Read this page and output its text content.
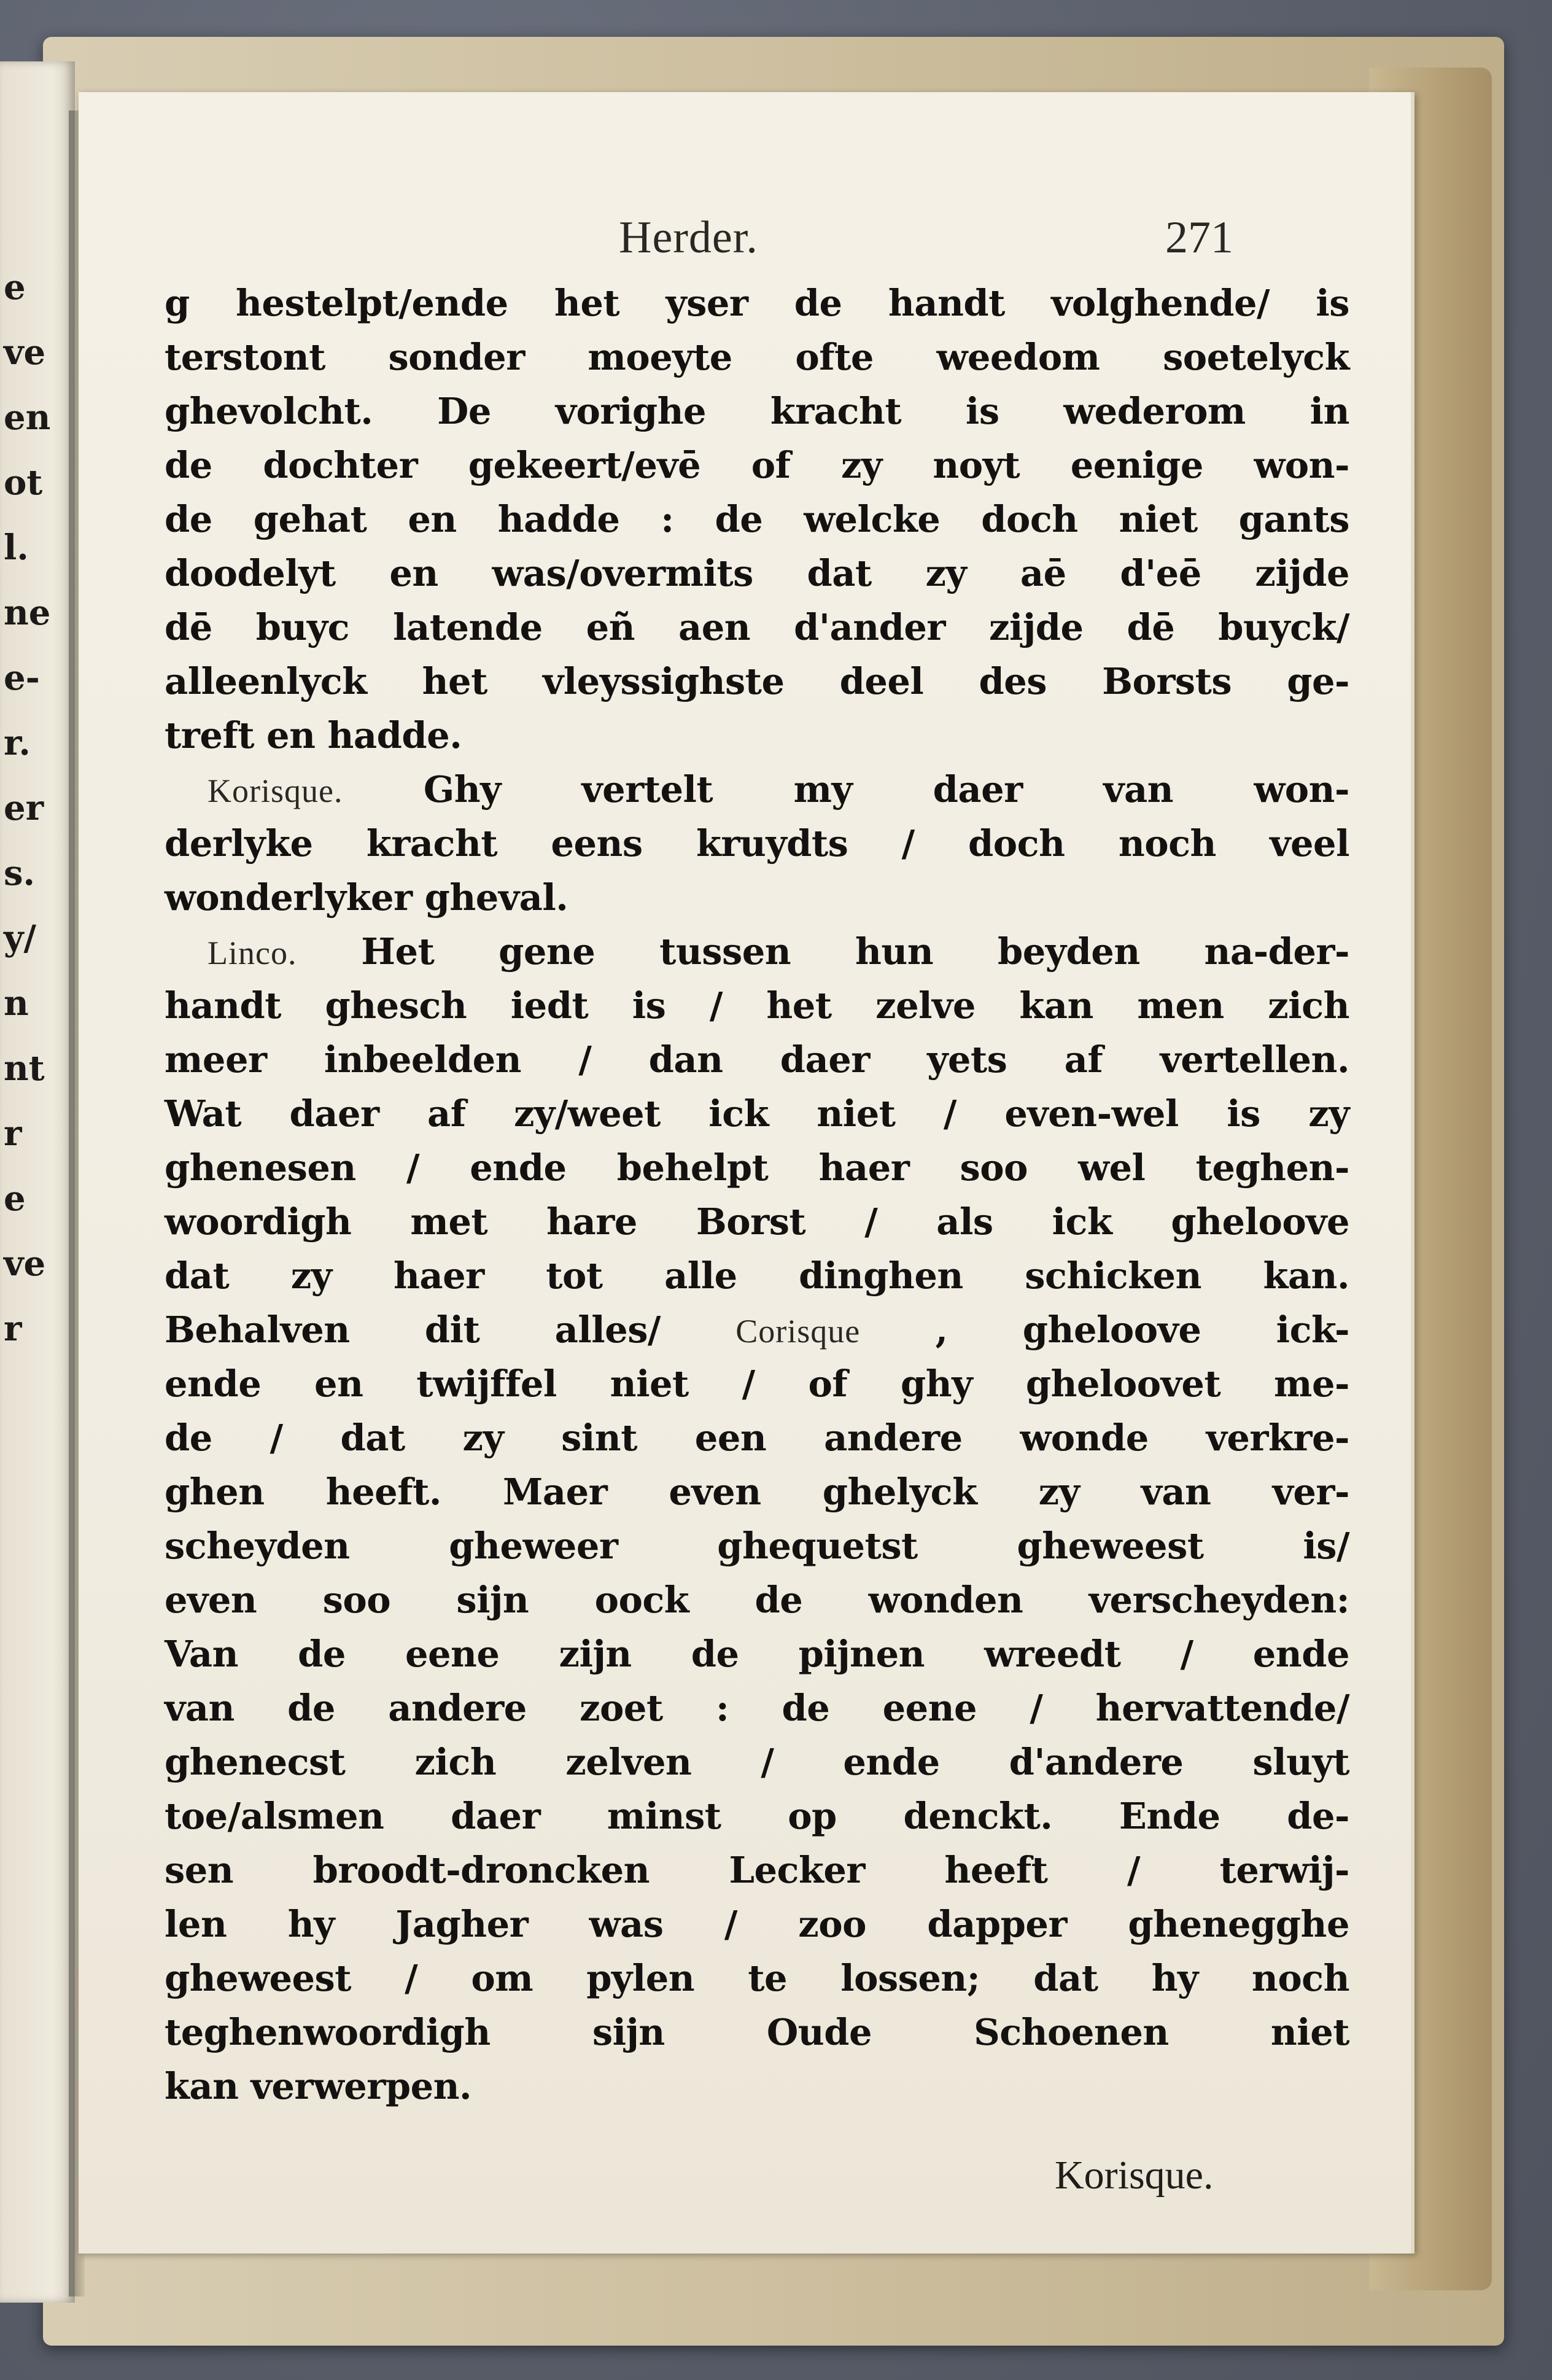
e
ve
en
ot
l.
ne
e-
r.
er
s.
y/
n
nt
r
e
ve
r
Herder.	271
g hestelpt/ende het yser de handt volghende/ is
terstont sonder moeyte ofte weedom soetelyck
ghevolcht. De vorighe kracht is wederom in
de dochter gekeert/evē of zy noyt eenige won-
de gehat en hadde : de welcke doch niet gants
doodelyt en was/overmits dat zy aē d'eē zijde
dē buyc latende eñ aen d'ander zijde dē buyck/
alleenlyck het vleyssighste deel des Borsts ge-
treft en hadde.
Korisque. Ghy vertelt my daer van won-
derlyke kracht eens kruydts / doch noch veel
wonderlyker gheval.
Linco. Het gene tussen hun beyden na-der-
handt ghesch iedt is / het zelve kan men zich
meer inbeelden / dan daer yets af vertellen.
Wat daer af zy/weet ick niet / even-wel is zy
ghenesen / ende behelpt haer soo wel teghen-
woordigh met hare Borst / als ick gheloove
dat zy haer tot alle dinghen schicken kan.
Behalven dit alles/ Corisque , gheloove ick-
ende en twijffel niet / of ghy gheloovet me-
de / dat zy sint een andere wonde verkre-
ghen heeft. Maer even ghelyck zy van ver-
scheyden gheweer ghequetst gheweest is/
even soo sijn oock de wonden verscheyden:
Van de eene zijn de pijnen wreedt / ende
van de andere zoet : de eene / hervattende/
ghenecst zich zelven / ende d'andere sluyt
toe/alsmen daer minst op denckt. Ende de-
sen broodt-droncken Lecker heeft / terwij-
len hy Jagher was / zoo dapper ghenegghe
gheweest / om pylen te lossen; dat hy noch
teghenwoordigh sijn Oude Schoenen niet
kan verwerpen.
Korisque.
